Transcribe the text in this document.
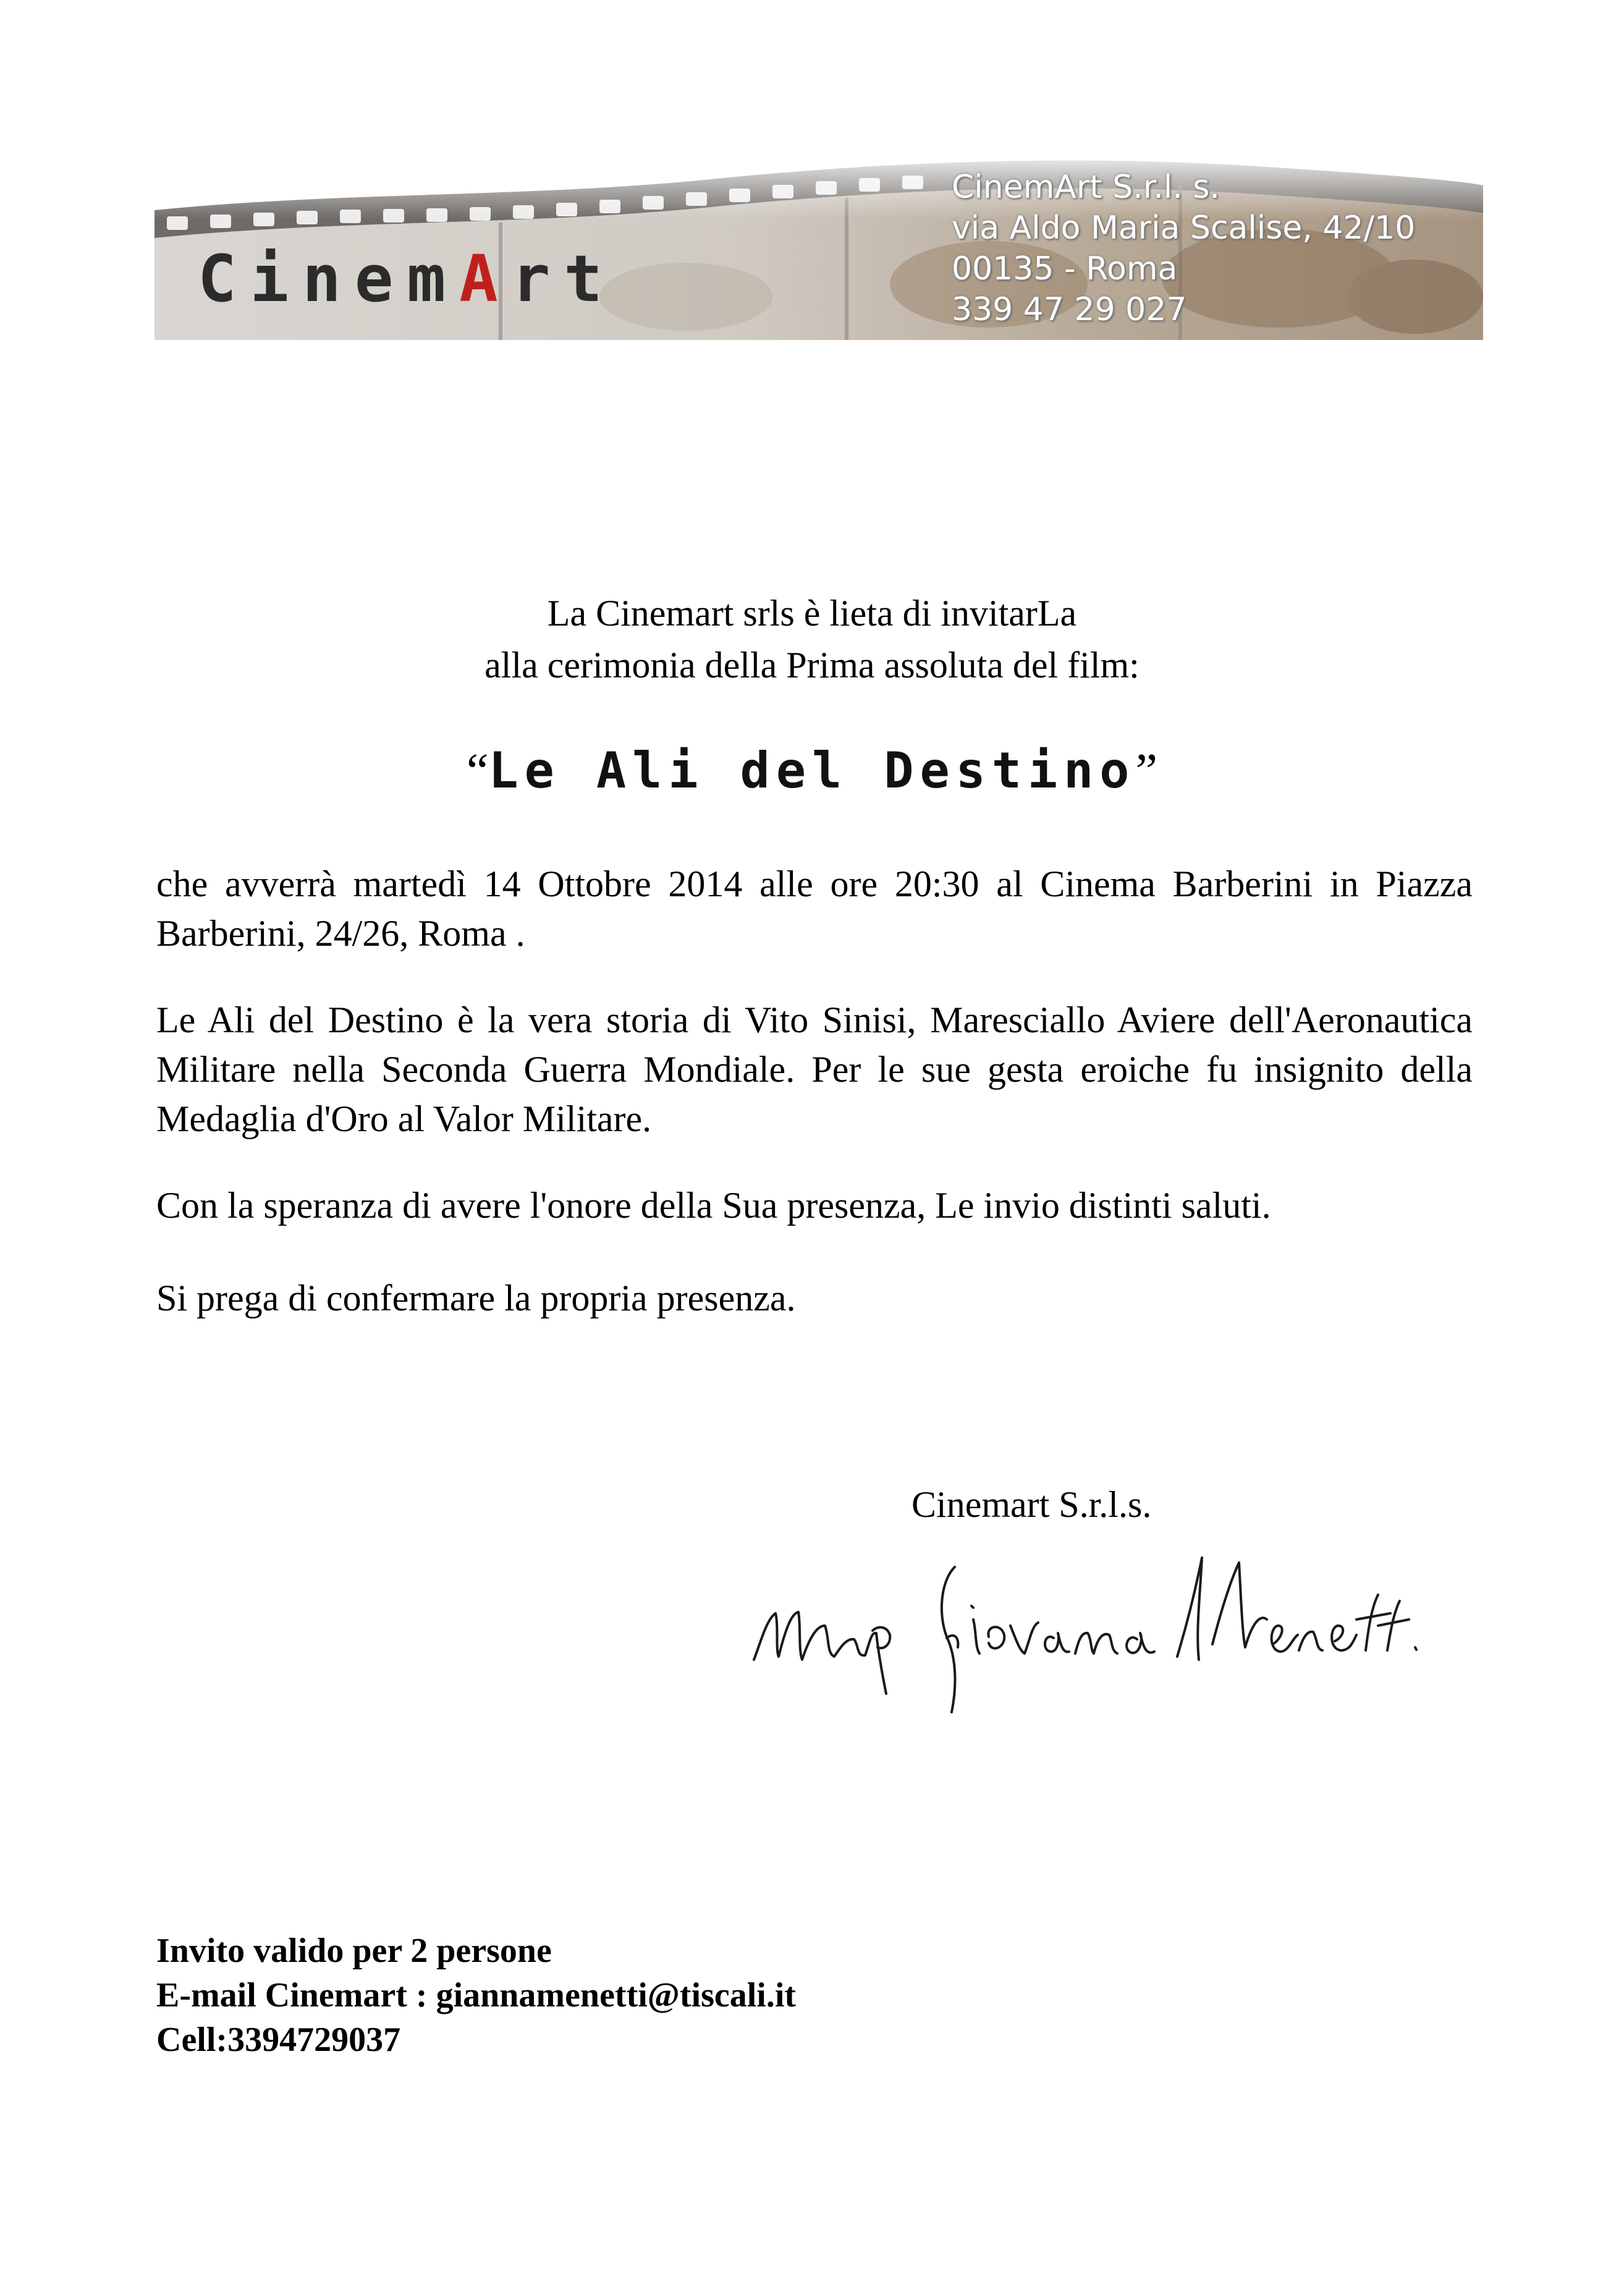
CinemArt
CinemArt S.r.l. s.
via Aldo Maria Scalise, 42/10
00135 - Roma
339 47 29 027
La Cinemart srls è lieta di invitarLa
alla cerimonia della Prima assoluta del film:
“Le Ali del Destino”
che avverrà martedì 14 Ottobre 2014 alle ore 20:30 al Cinema Barberini in Piazza Barberini, 24/26, Roma .
Le Ali del Destino è la vera storia di Vito Sinisi, Maresciallo Aviere dell'Aeronautica Militare nella Seconda Guerra Mondiale. Per le sue gesta eroiche fu insignito della Medaglia d'Oro al Valor Militare.
Con la speranza di avere l'onore della Sua presenza, Le invio distinti saluti.
Si prega di confermare la propria presenza.
Cinemart S.r.l.s.
Invito valido per 2 persone
E-mail Cinemart : giannamenetti@tiscali.it
Cell:3394729037
